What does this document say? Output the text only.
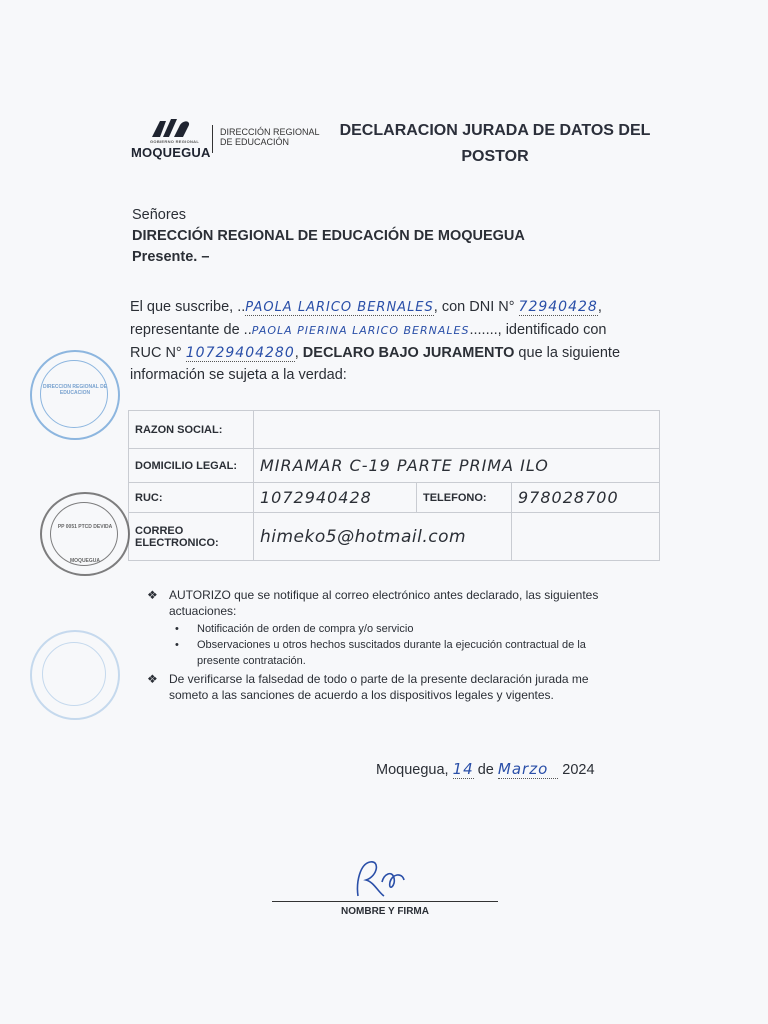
GOBIERNO REGIONAL
MOQUEGUA
DIRECCIÓN REGIONAL
DE EDUCACIÓN
DECLARACION JURADA DE DATOS DEL
POSTOR
Señores
DIRECCIÓN REGIONAL DE EDUCACIÓN DE MOQUEGUA
Presente. –
El que suscribe, ..PAOLA LARICO BERNALES, con DNI N° 72940428,
representante de ..PAOLA PIERINA LARICO BERNALES......., identificado con
RUC N° 10729404280, DECLARO BAJO JURAMENTO que la siguiente
información se sujeta a la verdad:
RAZON SOCIAL:			
DOMICILIO LEGAL:	MIRAMAR C-19 PARTE PRIMA ILO		
RUC:	1072940428	TELEFONO:	978028700
CORREO ELECTRONICO:	himeko5@hotmail.com		
❖ AUTORIZO que se notifique al correo electrónico antes declarado, las siguientes
actuaciones:
• Notificación de orden de compra y/o servicio
• Observaciones u otros hechos suscitados durante la ejecución contractual de la
presente contratación.
❖ De verificarse la falsedad de todo o parte de la presente declaración jurada me
someto a las sanciones de acuerdo a los dispositivos legales y vigentes.
Moquegua, 14 de Marzo 2024
NOMBRE Y FIRMA
DIRECCION REGIONAL DE EDUCACION
PP 0051 PTCD DEVIDA
MOQUEGUA
